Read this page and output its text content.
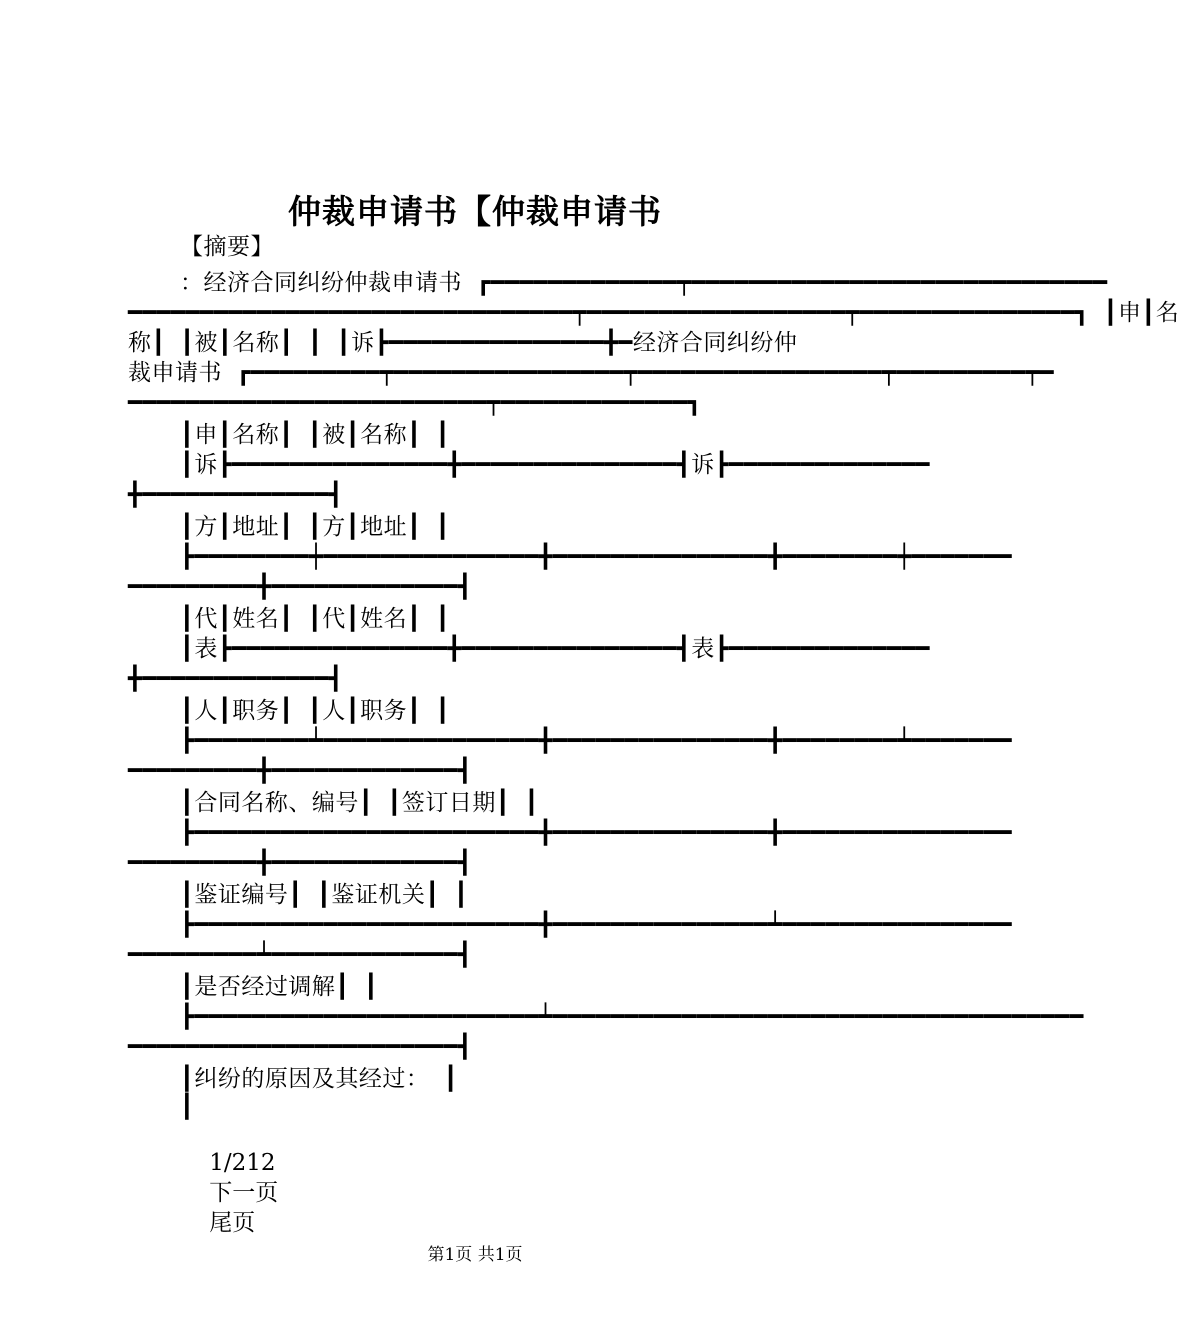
仲裁申请书【仲裁申请书
【摘要】
：经济合同纠纷仲裁申请书 ┏━━━━━━━━━━━━━┯━━━━━━━━━━━━━━━━━━━━━━━━━━━━━
━━━━━━━━━━━━━━━━━━━━━━━━━━━━━━━┯━━━━━━━━━━━━━━━━━━┯━━━━━━━━━━━━━━━┓ ┃申┃名
称┃ ┃被┃名称┃ ┃ ┃诉┣━━━━━━━━━━━━━━━╋━经济合同纠纷仲
裁申请书 ┏━━━━━━━━━┯━━━━━━━━━━━━━━━━┯━━━━━━━━━━━━━━━━━┯━━━━━━━━━┯━
━━━━━━━━━━━━━━━━━━━━━━━━━┯━━━━━━━━━━━━━┓
┃申┃名称┃ ┃被┃名称┃ ┃
┃诉┣━━━━━━━━━━━━━━━╋━━━━━━━━━━━━━━━┫诉┣━━━━━━━━━━━━━━
╋━━━━━━━━━━━━━┫
┃方┃地址┃ ┃方┃地址┃ ┃
┣━━━━━━━━┿━━━━━━━━━━━━━━━╋━━━━━━━━━━━━━━━╋━━━━━━━━┿━━━━━━━
━━━━━━━━━╋━━━━━━━━━━━━━┫
┃代┃姓名┃ ┃代┃姓名┃ ┃
┃表┣━━━━━━━━━━━━━━━╋━━━━━━━━━━━━━━━┫表┣━━━━━━━━━━━━━━
╋━━━━━━━━━━━━━┫
┃人┃职务┃ ┃人┃职务┃ ┃
┣━━━━━━━━┷━━━━━━━━━━━━━━━╋━━━━━━━━━━━━━━━╋━━━━━━━━┷━━━━━━━
━━━━━━━━━╋━━━━━━━━━━━━━┫
┃合同名称、编号┃ ┃签订日期┃ ┃
┣━━━━━━━━━━━━━━━━━━━━━━━━╋━━━━━━━━━━━━━━━╋━━━━━━━━━━━━━━━━
━━━━━━━━━╋━━━━━━━━━━━━━┫
┃鉴证编号┃ ┃鉴证机关┃ ┃
┣━━━━━━━━━━━━━━━━━━━━━━━━╋━━━━━━━━━━━━━━━┷━━━━━━━━━━━━━━━━
━━━━━━━━━┷━━━━━━━━━━━━━┫
┃是否经过调解┃ ┃
┣━━━━━━━━━━━━━━━━━━━━━━━━┷━━━━━━━━━━━━━━━━━━━━━━━━━━━━━━━━━━━━━
━━━━━━━━━━━━━━━━━━━━━━━┫
┃纠纷的原因及其经过： ┃
┃

1/212
下一页
尾页

第1页 共1页
